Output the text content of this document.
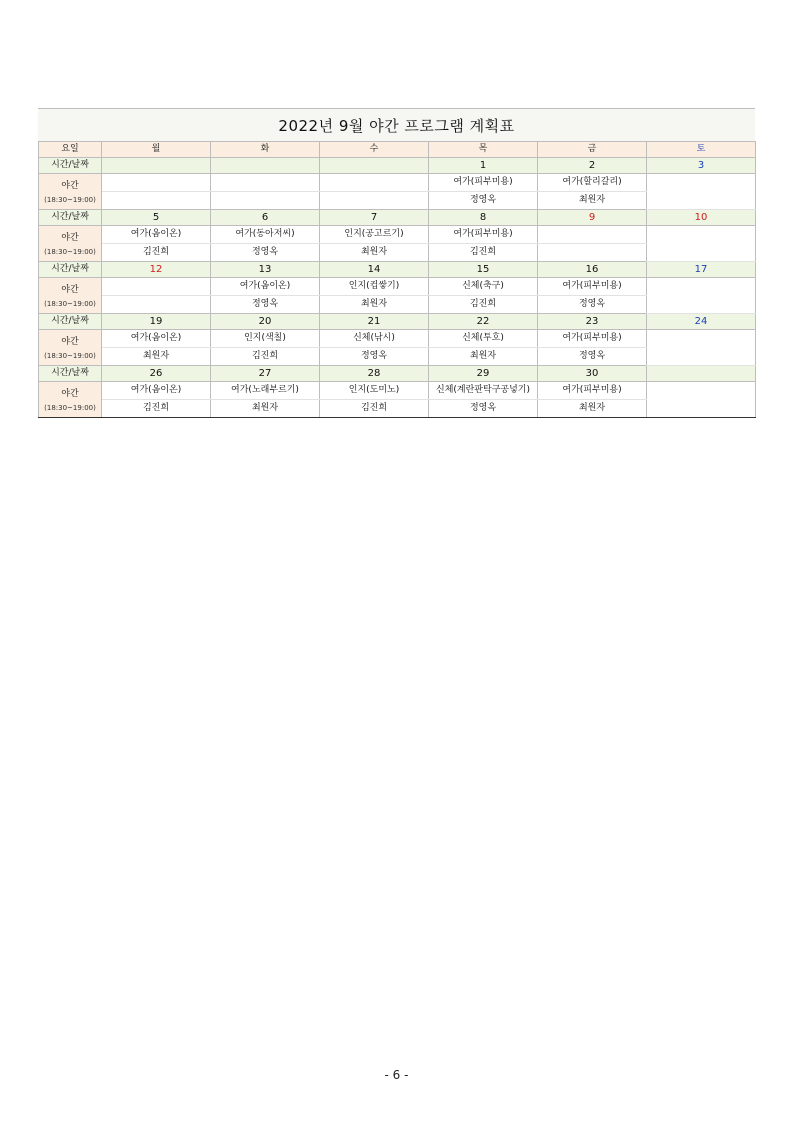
2022년 9월 야간 프로그램 계획표
요일	월	화	수	목	금	토
시간/날짜				1	2	3
야간
(18:30~19:00)				여가(피부미용)	여가(할리갈리)	
				정영옥	최원자	
시간/날짜	5	6	7	8	9	10
야간
(18:30~19:00)	여가(옴이온)	여가(동아저씨)	인지(공고르기)	여가(피부미용)		
	김진희	정영옥	최원자	김진희		
시간/날짜	12	13	14	15	16	17
야간
(18:30~19:00)		여가(옴이온)	인지(컵쌓기)	신체(축구)	여가(피부미용)	
		정영옥	최원자	김진희	정영옥	
시간/날짜	19	20	21	22	23	24
야간
(18:30~19:00)	여가(옴이온)	인지(색칠)	신체(낚시)	신체(투호)	여가(피부미용)	
	최원자	김진희	정영옥	최원자	정영옥	
시간/날짜	26	27	28	29	30	
야간
(18:30~19:00)	여가(옴이온)	여가(노래부르기)	인지(도미노)	신체(계란판탁구공넣기)	여가(피부미용)	
	김진희	최원자	김진희	정영옥	최원자	
- 6 -
